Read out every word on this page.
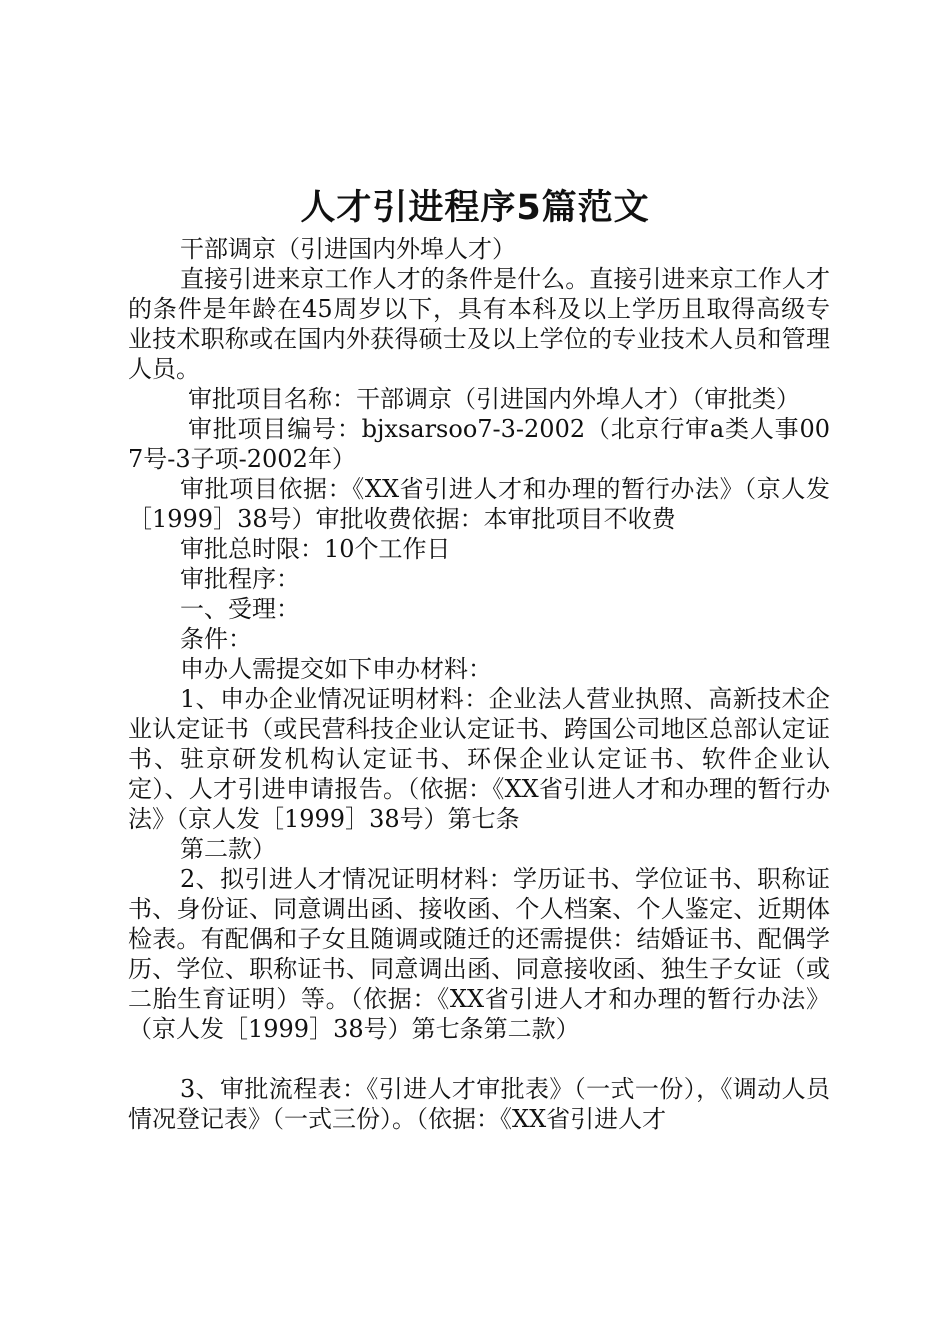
人才引进程序5篇范文

干部调京（引进国内外埠人才）

直接引进来京工作人才的条件是什么。直接引进来京工作人才的条件是年龄在45周岁以下，具有本科及以上学历且取得高级专业技术职称或在国内外获得硕士及以上学位的专业技术人员和管理人员。

审批项目名称：干部调京（引进国内外埠人才）（审批类）

审批项目编号：bjxsarsoo7-3-2002（北京行审a类人事007号-3子项-2002年）

审批项目依据：《XX省引进人才和办理的暂行办法》（京人发［1999］38号）审批收费依据：本审批项目不收费

审批总时限：10个工作日

审批程序：

一、受理：

条件：

申办人需提交如下申办材料：

1、申办企业情况证明材料：企业法人营业执照、高新技术企业认定证书（或民营科技企业认定证书、跨国公司地区总部认定证书、驻京研发机构认定证书、环保企业认定证书、软件企业认定）、人才引进申请报告。（依据：《XX省引进人才和办理的暂行办法》（京人发［1999］38号）第七条

第二款）

2、拟引进人才情况证明材料：学历证书、学位证书、职称证书、身份证、同意调出函、接收函、个人档案、个人鉴定、近期体检表。有配偶和子女且随调或随迁的还需提供：结婚证书、配偶学历、学位、职称证书、同意调出函、同意接收函、独生子女证（或二胎生育证明）等。（依据：《XX省引进人才和办理的暂行办法》（京人发［1999］38号）第七条第二款）

3、审批流程表：《引进人才审批表》（一式一份），《调动人员情况登记表》（一式三份）。（依据：《XX省引进人才
